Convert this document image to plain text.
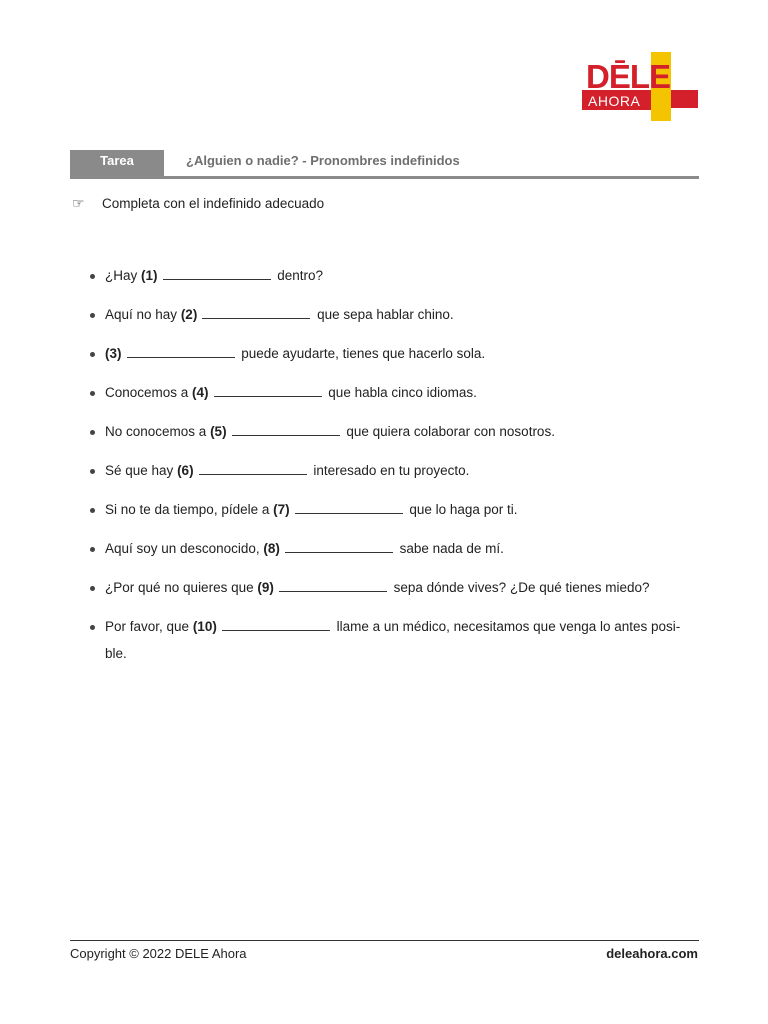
DĒLE
AHORA
Tarea	¿Alguien o nadie? - Pronombres indefinidos
☞ Completa con el indefinido adecuado
¿Hay (1)	dentro?
Aquí no hay (2)	que sepa hablar chino.
(3)	puede ayudarte, tienes que hacerlo sola.
Conocemos a (4)	que habla cinco idiomas.
No conocemos a (5)	que quiera colaborar con nosotros.
Sé que hay (6)	interesado en tu proyecto.
Si no te da tiempo, pídele a (7)	que lo haga por ti.
Aquí soy un desconocido, (8)	sabe nada de mí.
¿Por qué no quieres que (9)	sepa dónde vives? ¿De qué tienes miedo?
Por favor, que (10)	llame a un médico, necesitamos que venga lo antes posi-
ble.
Copyright © 2022 DELE Ahora	deleahora.com
